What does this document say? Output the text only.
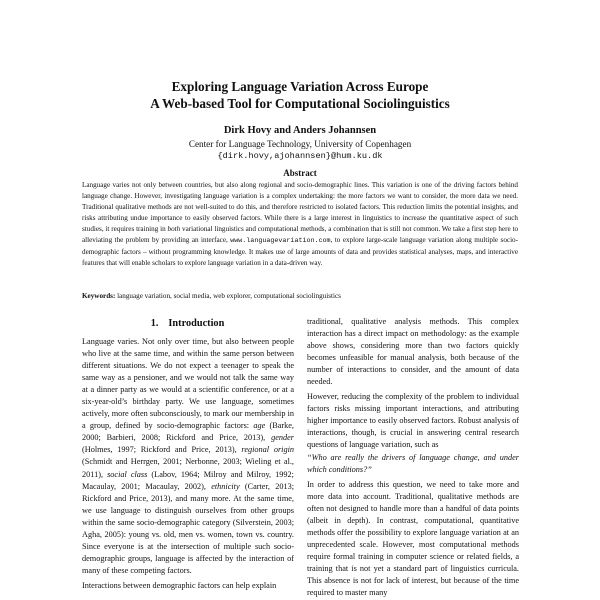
Exploring Language Variation Across Europe
A Web-based Tool for Computational Sociolinguistics
Dirk Hovy and Anders Johannsen
Center for Language Technology, University of Copenhagen
{dirk.hovy,ajohannsen}@hum.ku.dk
Abstract
Language varies not only between countries, but also along regional and socio-demographic lines. This variation is one of the driving factors behind language change. However, investigating language variation is a complex undertaking: the more factors we want to consider, the more data we need. Traditional qualitative methods are not well-suited to do this, and therefore restricted to isolated factors. This reduction limits the potential insights, and risks attributing undue importance to easily observed factors. While there is a large interest in linguistics to increase the quantitative aspect of such studies, it requires training in both variational linguistics and computational methods, a combination that is still not common. We take a first step here to alleviating the problem by providing an interface, www.languagevariation.com, to explore large-scale language variation along multiple socio-demographic factors – without programming knowledge. It makes use of large amounts of data and provides statistical analyses, maps, and interactive features that will enable scholars to explore language variation in a data-driven way.
Keywords: language variation, social media, web explorer, computational sociolinguistics
1. Introduction

Language varies. Not only over time, but also between people who live at the same time, and within the same person between different situations. We do not expect a teenager to speak the same way as a pensioner, and we would not talk the same way at a dinner party as we would at a scientific conference, or at a six-year-old’s birthday party. We use language, sometimes actively, more often subconsciously, to mark our membership in a group, defined by socio-demographic factors: age (Barke, 2000; Barbieri, 2008; Rickford and Price, 2013), gender (Holmes, 1997; Rickford and Price, 2013), regional origin (Schmidt and Herrgen, 2001; Nerbonne, 2003; Wieling et al., 2011), social class (Labov, 1964; Milroy and Milroy, 1992; Macaulay, 2001; Macaulay, 2002), ethnicity (Carter, 2013; Rickford and Price, 2013), and many more. At the same time, we use language to distinguish ourselves from other groups within the same socio-demographic category (Silverstein, 2003; Agha, 2005): young vs. old, men vs. women, town vs. country. Since everyone is at the intersection of multiple such socio-demographic groups, language is affected by the interaction of many of these competing factors.

Interactions between demographic factors can help explain

traditional, qualitative analysis methods. This complex interaction has a direct impact on methodology: as the example above shows, considering more than two factors quickly becomes unfeasible for manual analysis, both because of the number of interactions to consider, and the amount of data needed.

However, reducing the complexity of the problem to individual factors risks missing important interactions, and attributing higher importance to easily observed factors. Robust analysis of interactions, though, is crucial in answering central research questions of language variation, such as

“Who are really the drivers of language change, and under which conditions?”

In order to address this question, we need to take more and more data into account. Traditional, qualitative methods are often not designed to handle more than a handful of data points (albeit in depth). In contrast, computational, quantitative methods offer the possibility to explore language variation at an unprecedented scale. However, most computational methods require formal training in computer science or related fields, a training that is not yet a standard part of linguistics curricula. This absence is not for lack of interest, but because of the time required to master many
